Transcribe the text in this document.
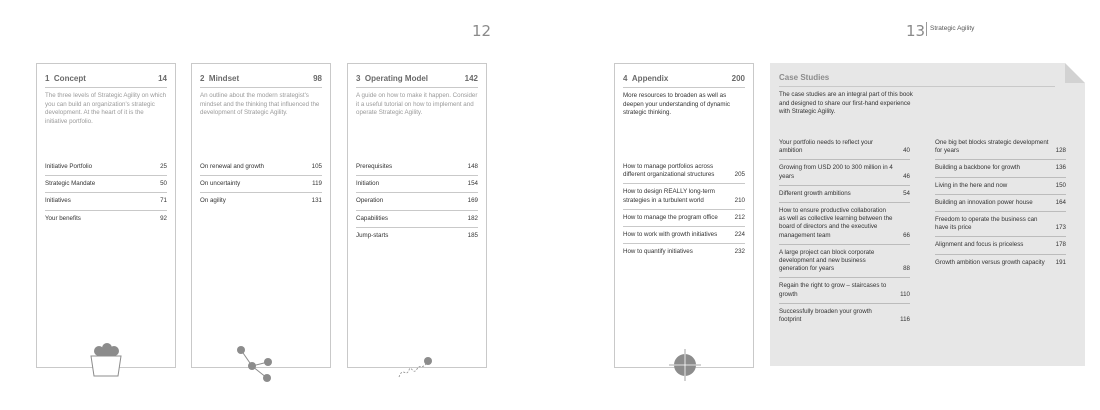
12	13 Strategic Agility
1 Concept	14
The three levels of Strategic Agility on which you can build an organization's strategic development. At the heart of it is the initiative portfolio.
Initiative Portfolio	25
Strategic Mandate	50
Initiatives	71
Your benefits	92
2 Mindset	98
An outline about the modern strategist's mindset and the thinking that influenced the development of Strategic Agility.
On renewal and growth	105
On uncertainty	119
On agility	131
3 Operating Model	142
A guide on how to make it happen. Consider it a useful tutorial on how to implement and operate Strategic Agility.
Prerequisites	148
Initiation	154
Operation	169
Capabilities	182
Jump-starts	185
4 Appendix	200
More resources to broaden as well as deepen your understanding of dynamic strategic thinking.
How to manage portfolios across different organizational structures	205
How to design REALLY long-term strategies in a turbulent world	210
How to manage the program office	212
How to work with growth initiatives	224
How to quantify initiatives	232
Case Studies
The case studies are an integral part of this book and designed to share our first-hand experience with Strategic Agility.
Your portfolio needs to reflect your ambition	40
Growing from USD 200 to 300 million in 4 years	46
Different growth ambitions	54
How to ensure productive collaboration as well as collective learning between the board of directors and the executive management team	66
A large project can block corporate development and new business generation for years	88
Regain the right to grow – staircases to growth	110
Successfully broaden your growth footprint	116
One big bet blocks strategic development for years	128
Building a backbone for growth	136
Living in the here and now	150
Building an innovation power house	164
Freedom to operate the business can have its price	173
Alignment and focus is priceless	178
Growth ambition versus growth capacity 191
